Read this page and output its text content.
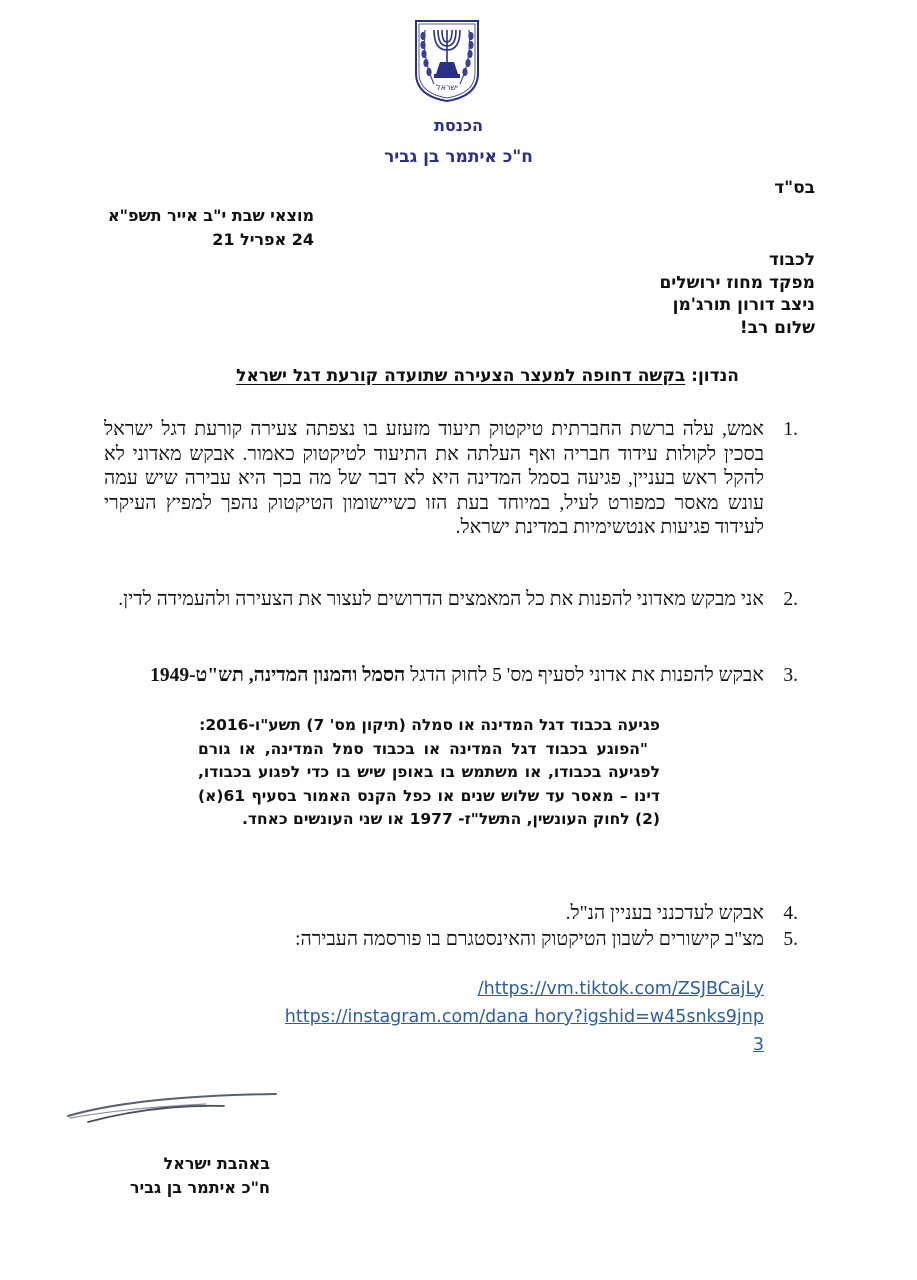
ישראל
הכנסת
ח"כ איתמר בן גביר
בס"ד
מוצאי שבת י"ב אייר תשפ"א
24 אפריל 21
לכבוד
מפקד מחוז ירושלים
ניצב דורון תורג'מן
שלום רב!
הנדון: בקשה דחופה למעצר הצעירה שתועדה קורעת דגל ישראל
1.
אמש, עלה ברשת החברתית טיקטוק תיעוד מזעזע בו נצפתה צעירה קורעת דגל ישראל בסכין לקולות עידוד חבריה ואף העלתה את התיעוד לטיקטוק כאמור. אבקש מאדוני לא להקל ראש בעניין, פגיעה בסמל המדינה היא לא דבר של מה בכך היא עבירה שיש עמה עונש מאסר כמפורט לעיל, במיוחד בעת הזו כשיישומון הטיקטוק נהפך למפיץ העיקרי לעידוד פגיעות אנטשימיות במדינת ישראל.
2.
אני מבקש מאדוני להפנות את כל המאמצים הדרושים לעצור את הצעירה ולהעמידה לדין.
3.
אבקש להפנות את אדוני לסעיף מס' 5 לחוק הדגל הסמל והמנון המדינה, תש"ט-1949
פגיעה בכבוד דגל המדינה או סמלה (תיקון מס' 7) תשע"ו-2016:
"הפוגע בכבוד דגל המדינה או בכבוד סמל המדינה, או גורם לפגיעה בכבודו, או משתמש בו באופן שיש בו כדי לפגוע בכבודו, דינו – מאסר עד שלוש שנים או כפל הקנס האמור בסעיף 61(א)(2) לחוק העונשין, התשל"ז- 1977 או שני העונשים כאחד.
4.
אבקש לעדכנני בעניין הנ"ל.
5.
מצ"ב קישורים לשבון הטיקטוק והאינסטגרם בו פורסמה העבירה:
/https://vm.tiktok.com/ZSJBCajLy
https://instagram.com/dana hory?igshid=w45snks9jnp
3
באהבת ישראל
ח"כ איתמר בן גביר
